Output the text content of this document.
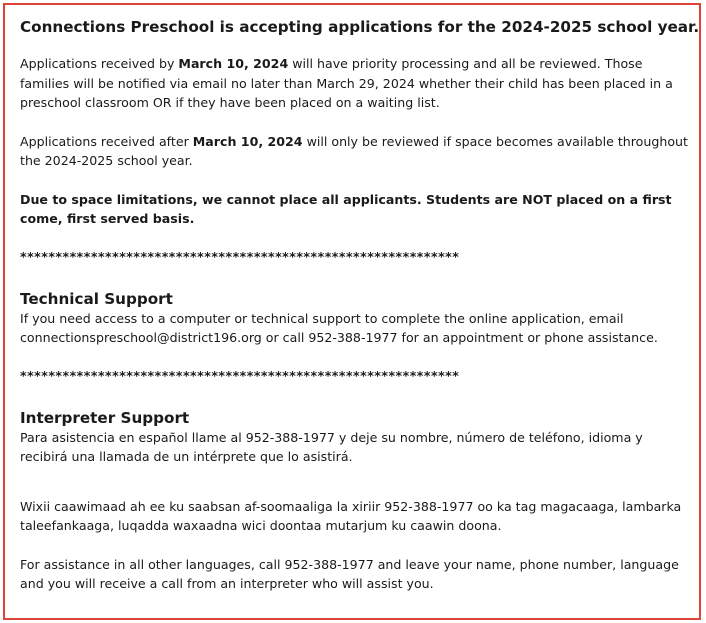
Connections Preschool is accepting applications for the 2024-2025 school year.
Applications received by March 10, 2024 will have priority processing and all be reviewed. Those families will be notified via email no later than March 29, 2024 whether their child has been placed in a preschool classroom OR if they have been placed on a waiting list.
Applications received after March 10, 2024 will only be reviewed if space becomes available throughout the 2024-2025 school year.
Due to space limitations, we cannot place all applicants. Students are NOT placed on a first come, first served basis.
**************************************************************
Technical Support
If you need access to a computer or technical support to complete the online application, email connectionspreschool@district196.org or call 952-388-1977 for an appointment or phone assistance.
**************************************************************
Interpreter Support
Para asistencia en español llame al 952-388-1977 y deje su nombre, número de teléfono, idioma y recibirá una llamada de un intérprete que lo asistirá.
Wixii caawimaad ah ee ku saabsan af-soomaaliga la xiriir 952-388-1977 oo ka tag magacaaga, lambarka taleefankaaga, luqadda waxaadna wici doontaa mutarjum ku caawin doona.
For assistance in all other languages, call 952-388-1977 and leave your name, phone number, language and you will receive a call from an interpreter who will assist you.
